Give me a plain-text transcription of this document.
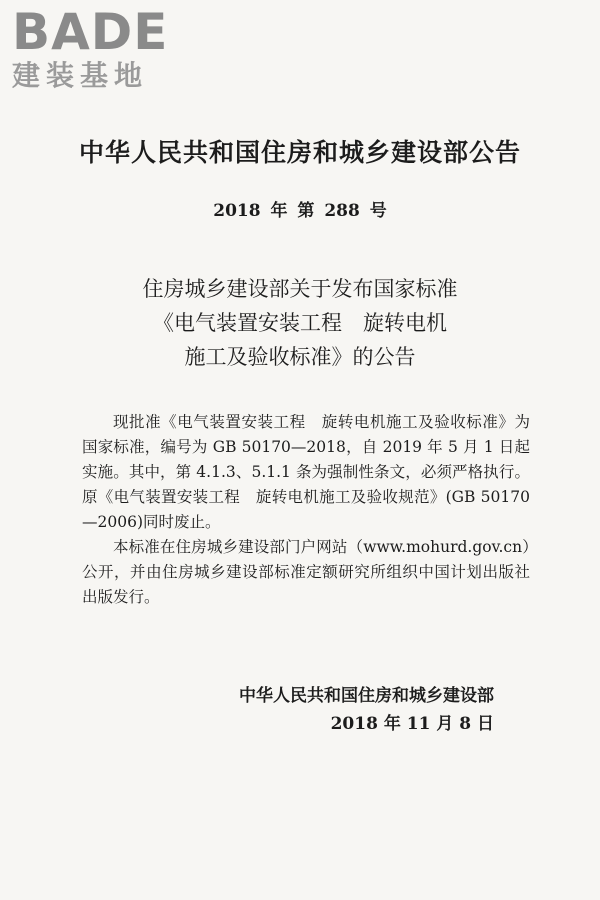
BADE
建装基地
中华人民共和国住房和城乡建设部公告
2018 年 第 288 号
住房城乡建设部关于发布国家标准
《电气装置安装工程　旋转电机
施工及验收标准》的公告

现批准《电气装置安装工程　旋转电机施工及验收标准》为国家标准，编号为 GB 50170—2018，自 2019 年 5 月 1 日起实施。其中，第 4.1.3、5.1.1 条为强制性条文，必须严格执行。原《电气装置安装工程　旋转电机施工及验收规范》(GB 50170—2006)同时废止。

本标准在住房城乡建设部门户网站（www.mohurd.gov.cn）公开，并由住房城乡建设部标准定额研究所组织中国计划出版社出版发行。

中华人民共和国住房和城乡建设部
2018 年 11 月 8 日
